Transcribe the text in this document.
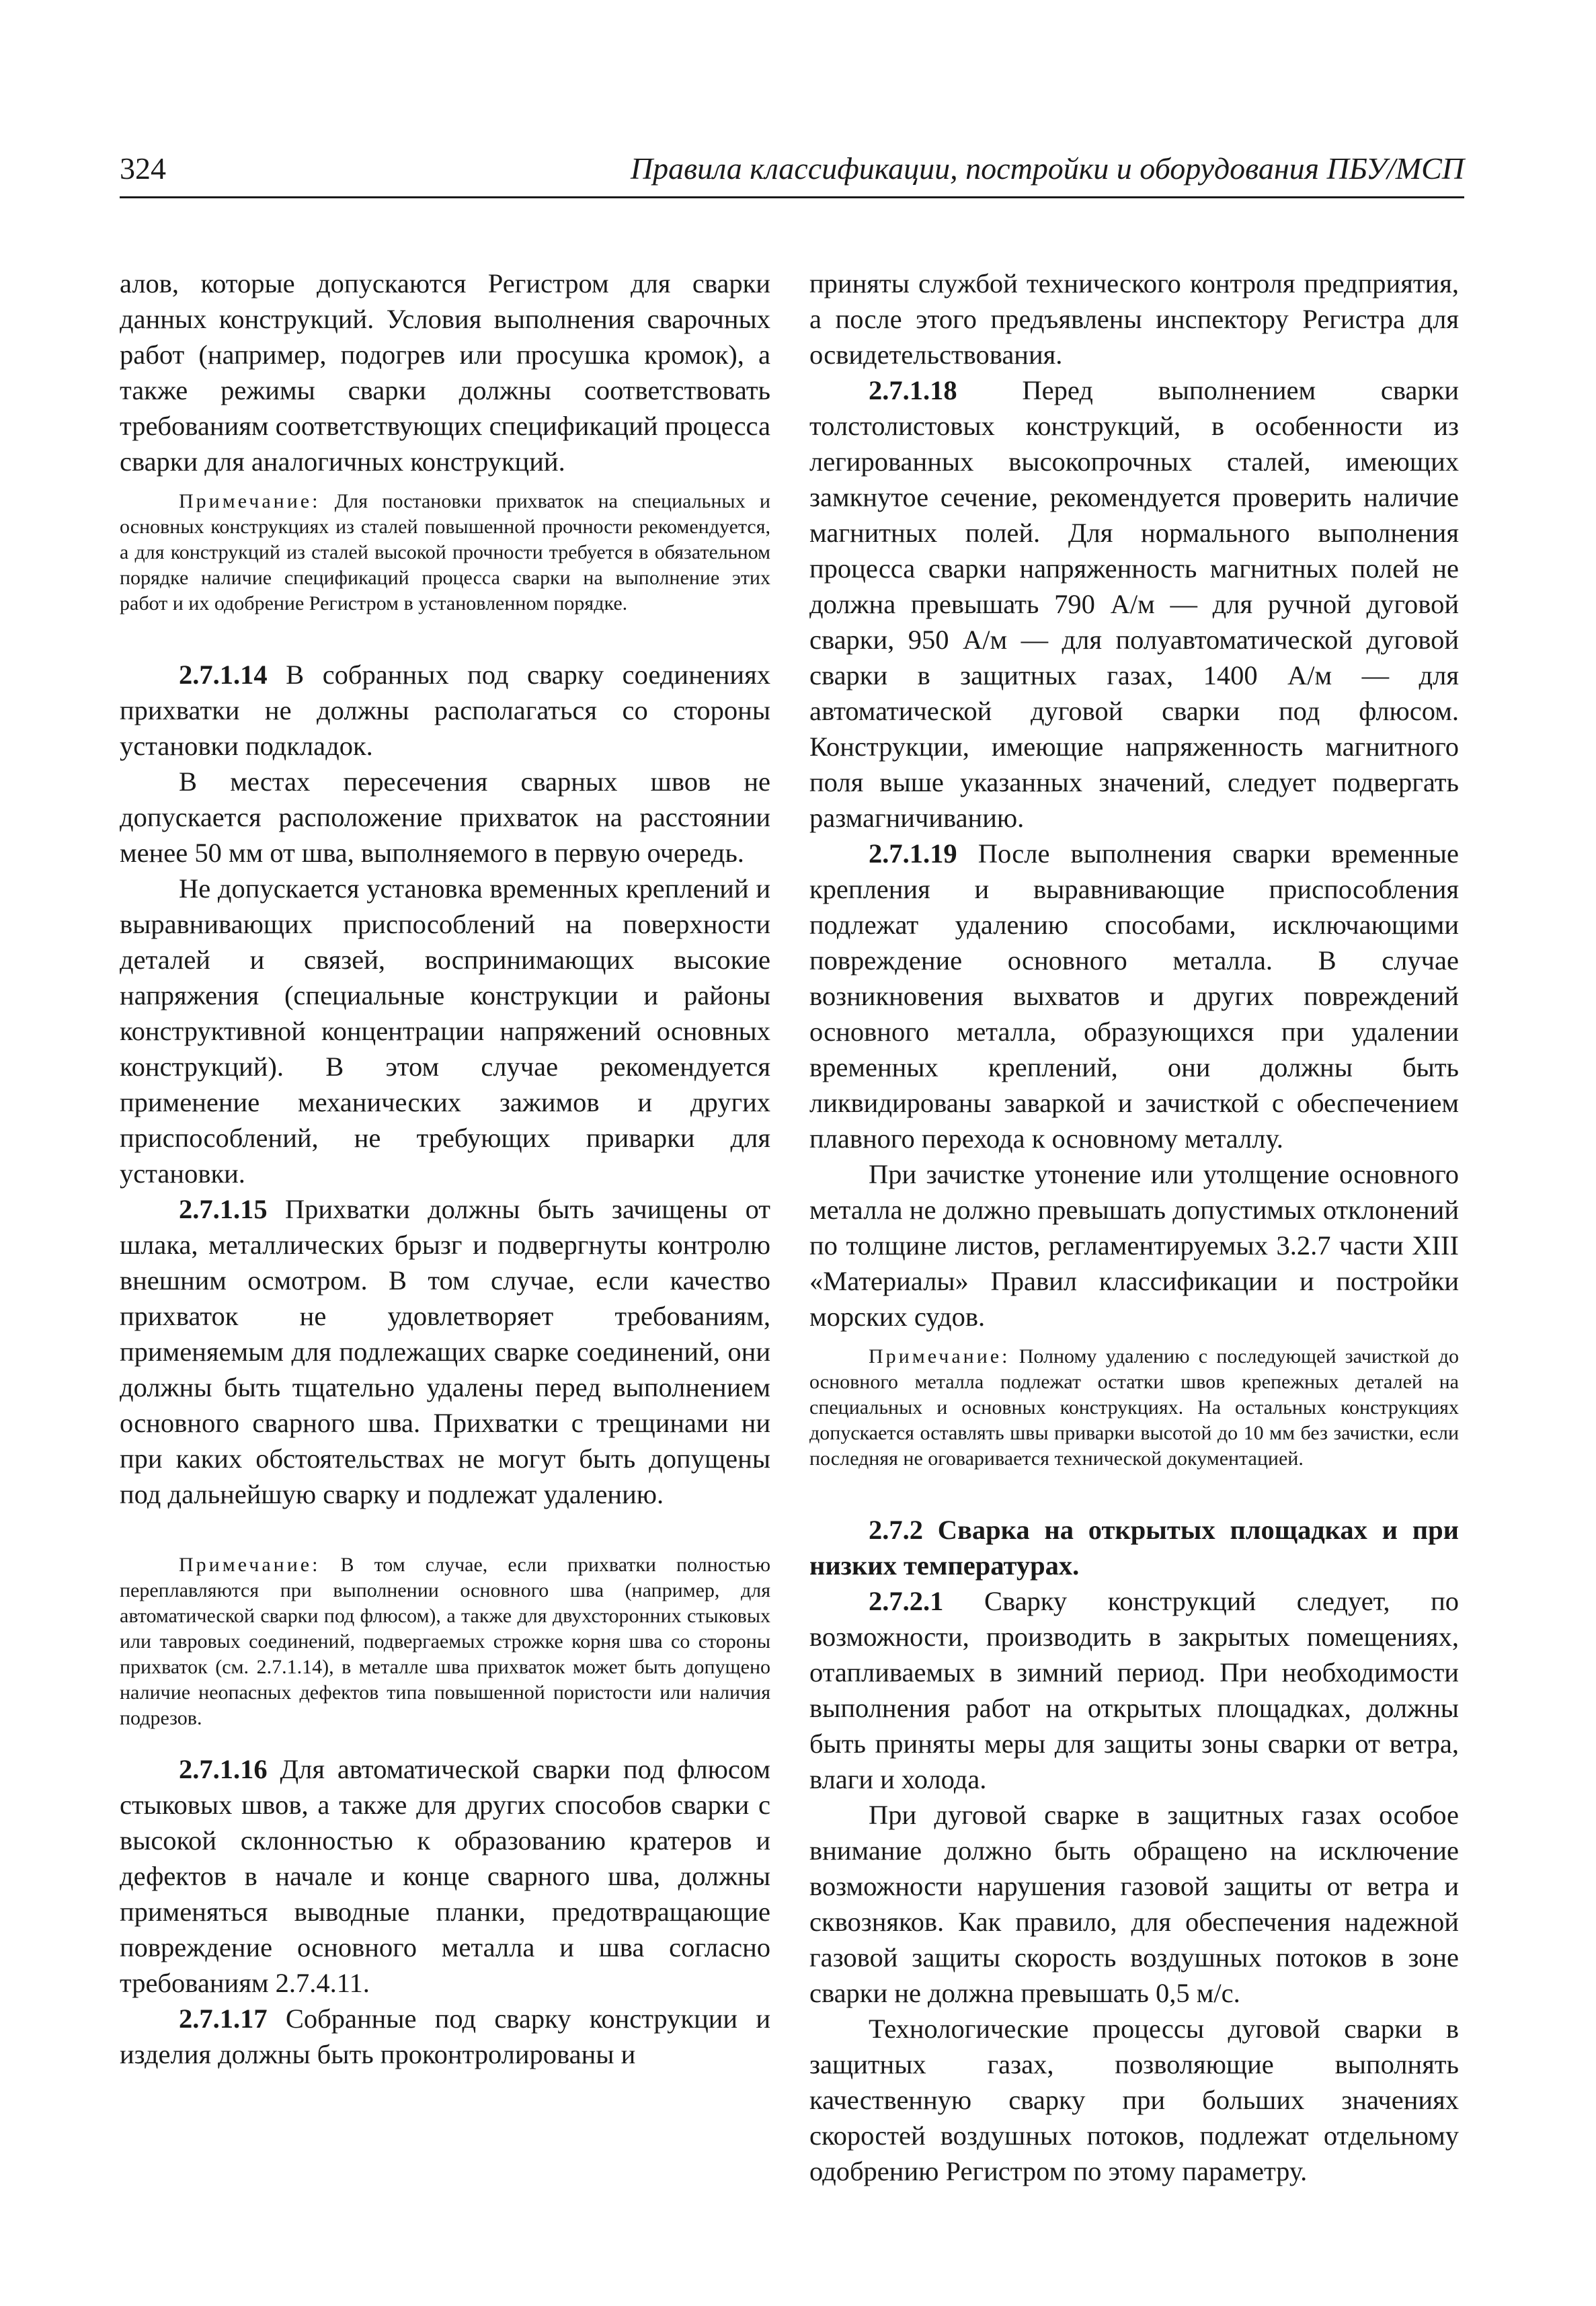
324	Правила классификации, постройки и оборудования ПБУ/МСП

алов, которые допускаются Регистром для сварки данных конструкций. Условия выполнения сварочных работ (например, подогрев или просушка кромок), а также режимы сварки должны соответствовать требованиям соответствующих спецификаций процесса сварки для аналогичных конструкций.

Примечание: Для постановки прихваток на специальных и основных конструкциях из сталей повышенной прочности рекомендуется, а для конструкций из сталей высокой прочности требуется в обязательном порядке наличие спецификаций процесса сварки на выполнение этих работ и их одобрение Регистром в установленном порядке.

2.7.1.14 В собранных под сварку соединениях прихватки не должны располагаться со стороны установки подкладок.

В местах пересечения сварных швов не допускается расположение прихваток на расстоянии менее 50 мм от шва, выполняемого в первую очередь.

Не допускается установка временных креплений и выравнивающих приспособлений на поверхности деталей и связей, воспринимающих высокие напряжения (специальные конструкции и районы конструктивной концентрации напряжений основных конструкций). В этом случае рекомендуется применение механических зажимов и других приспособлений, не требующих приварки для установки.

2.7.1.15 Прихватки должны быть зачищены от шлака, металлических брызг и подвергнуты контролю внешним осмотром. В том случае, если качество прихваток не удовлетворяет требованиям, применяемым для подлежащих сварке соединений, они должны быть тщательно удалены перед выполнением основного сварного шва. Прихватки с трещинами ни при каких обстоятельствах не могут быть допущены под дальнейшую сварку и подлежат удалению.

Примечание: В том случае, если прихватки полностью переплавляются при выполнении основного шва (например, для автоматической сварки под флюсом), а также для двухсторонних стыковых или тавровых соединений, подвергаемых строжке корня шва со стороны прихваток (см. 2.7.1.14), в металле шва прихваток может быть допущено наличие неопасных дефектов типа повышенной пористости или наличия подрезов.

2.7.1.16 Для автоматической сварки под флюсом стыковых швов, а также для других способов сварки с высокой склонностью к образованию кратеров и дефектов в начале и конце сварного шва, должны применяться выводные планки, предотвращающие повреждение основного металла и шва согласно требованиям 2.7.4.11.

2.7.1.17 Собранные под сварку конструкции и изделия должны быть проконтролированы и

приняты службой технического контроля предприятия, а после этого предъявлены инспектору Регистра для освидетельствования.

2.7.1.18 Перед выполнением сварки толстолистовых конструкций, в особенности из легированных высокопрочных сталей, имеющих замкнутое сечение, рекомендуется проверить наличие магнитных полей. Для нормального выполнения процесса сварки напряженность магнитных полей не должна превышать 790 А/м — для ручной дуговой сварки, 950 А/м — для полуавтоматической дуговой сварки в защитных газах, 1400 А/м — для автоматической дуговой сварки под флюсом. Конструкции, имеющие напряженность магнитного поля выше указанных значений, следует подвергать размагничиванию.

2.7.1.19 После выполнения сварки временные крепления и выравнивающие приспособления подлежат удалению способами, исключающими повреждение основного металла. В случае возникновения выхватов и других повреждений основного металла, образующихся при удалении временных креплений, они должны быть ликвидированы заваркой и зачисткой с обеспечением плавного перехода к основному металлу.

При зачистке утонение или утолщение основного металла не должно превышать допустимых отклонений по толщине листов, регламентируемых 3.2.7 части XIII «Материалы» Правил классификации и постройки морских судов.

Примечание: Полному удалению с последующей зачисткой до основного металла подлежат остатки швов крепежных деталей на специальных и основных конструкциях. На остальных конструкциях допускается оставлять швы приварки высотой до 10 мм без зачистки, если последняя не оговаривается технической документацией.

2.7.2 Сварка на открытых площадках и при низких температурах.

2.7.2.1 Сварку конструкций следует, по возможности, производить в закрытых помещениях, отапливаемых в зимний период. При необходимости выполнения работ на открытых площадках, должны быть приняты меры для защиты зоны сварки от ветра, влаги и холода.

При дуговой сварке в защитных газах особое внимание должно быть обращено на исключение возможности нарушения газовой защиты от ветра и сквозняков. Как правило, для обеспечения надежной газовой защиты скорость воздушных потоков в зоне сварки не должна превышать 0,5 м/с.

Технологические процессы дуговой сварки в защитных газах, позволяющие выполнять качественную сварку при больших значениях скоростей воздушных потоков, подлежат отдельному одобрению Регистром по этому параметру.
